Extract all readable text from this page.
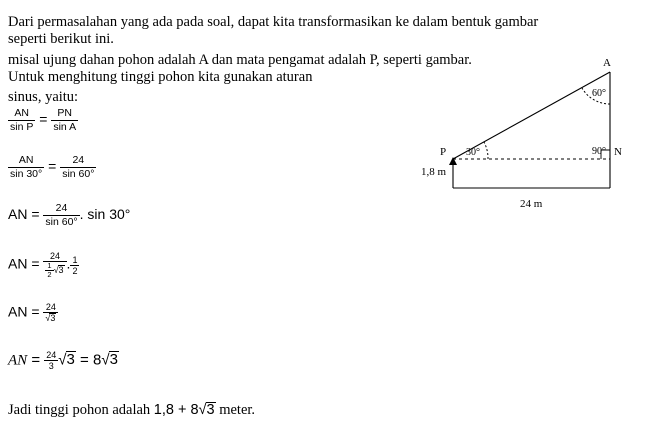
Dari permasalahan yang ada pada soal, dapat kita transformasikan ke dalam bentuk gambar
seperti berikut ini.
misal ujung dahan pohon adalah A dan mata pengamat adalah P, seperti gambar.
Untuk menghitung tinggi pohon kita gunakan aturan
sinus, yaitu:
$\frac{AN}{\text{sin P}} = \frac{PN}{\text{sin A}}$
$\frac{AN}{\sin 30^\circ} = \frac{24}{\sin 60^\circ}$
AN = $\frac{24}{\sin 60^\circ}$ . sin 30°
AN = $\frac{24}{\frac{1}{2} √3}$ . $\frac{1}{2}$
AN = $\frac{24}{√3}$
AN = $\frac{24}{3} √3 = 8√3$
Jadi tinggi pohon adalah 1,8 + 8√3 meter.
A
P	N
60°
30°	90°
1,8 m
24 m
